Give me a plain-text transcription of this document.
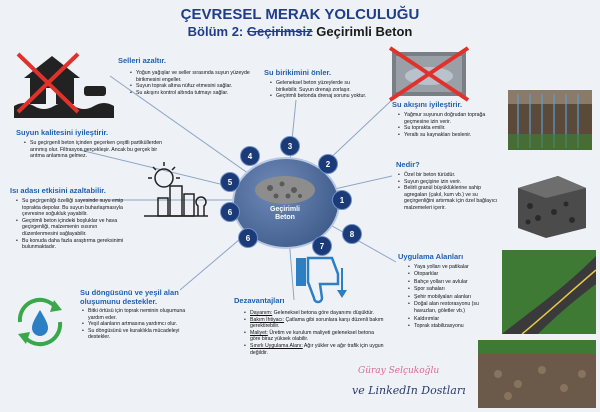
ÇEVRESEL MERAK YOLCULUĞU
Bölüm 2: Geçirimsiz Geçirimli Beton
Selleri azaltır.
• Yoğun yağışlar ve seller sırasında suyun yüzeyde birikmesini engeller.
• Suyun toprak altına nüfuz etmesini sağlar.
• Su akışını kontrol altında tutmayı sağlar.
Su birikimini önler.
• Geleneksel beton yüzeylerde su birikebilir. Suyun drenajı zorlaşır.
• Geçirimli betonda drenaj sorunu yoktur.
Su akışını iyileştirir.
• Yağmur suyunun doğrudan toprağa geçmesine izin verir.
• Su toprakta emilir.
• Yeraltı su kaynakları beslenir.
Suyun kalitesini iyileştirir.
• Su geçirgenli beton içinden geçerken çeşitli partiküllerden arınmış olur. Filtrasyon gerçekleşir. Ancak bu gerçek bir arıtma anlamına gelmez.
Isı adası etkisini azaltabilir.
• Su geçirgenliği özelliği sayesinde suyu emip toprakta depolar. Bu suyun buharlaşmasıyla çevresine soğukluk yayabilir.
• Geçirimli beton içindeki boşluklar ve hava geçirgenliği, malzemenin ısısının düzenlenmesini sağlayabilir.
• Bu konuda daha fazla araştırma gereksinimi bulunmaktadır.
Geçirimli
Beton
1
2
3
4
5
6
7
8
6
Nedir?
• Özel bir beton türüdür.
• Suyun geçişine izin verir.
• Belirli granül büyüklüklerine sahip agregaları (çakıl, kum vb.) ve su geçirgenliğini artırmak için özel bağlayıcı malzemeleri içerir.
Su döngüsünü ve yeşil alan oluşumunu destekler.
• Bitki örtüsü için toprak neminin oluşumuna yardım eder.
• Yeşil alanların artmasına yardımcı olur.
• Su döngüsünü ve kuraklıkla mücadeleyi destekler.
Dezavantajları
• Dayanım: Geleneksel betona göre dayanımı düşüktür.
• Bakım İhtiyacı: Çatlama gibi sorunlara karşı düzenli bakım gerektirebilir.
• Maliyet: Üretim ve kurulum maliyeti geleneksel betona göre biraz yüksek olabilir.
• Sınırlı Uygulama Alanı: Ağır yükler ve ağır trafik için uygun değildir.
Uygulama Alanları
• Yaya yolları ve patikalar
• Otoparklar
• Bahçe yolları ve avlular
• Spor sahaları
• Şehir mobilyaları alanları
• Doğal alan restorasyonu (su havuzları, göletler vb.)
• Kaldırımlar
• Toprak stabilizasyonu
Güray Selçukoğlu
ve LinkedIn Dostları
